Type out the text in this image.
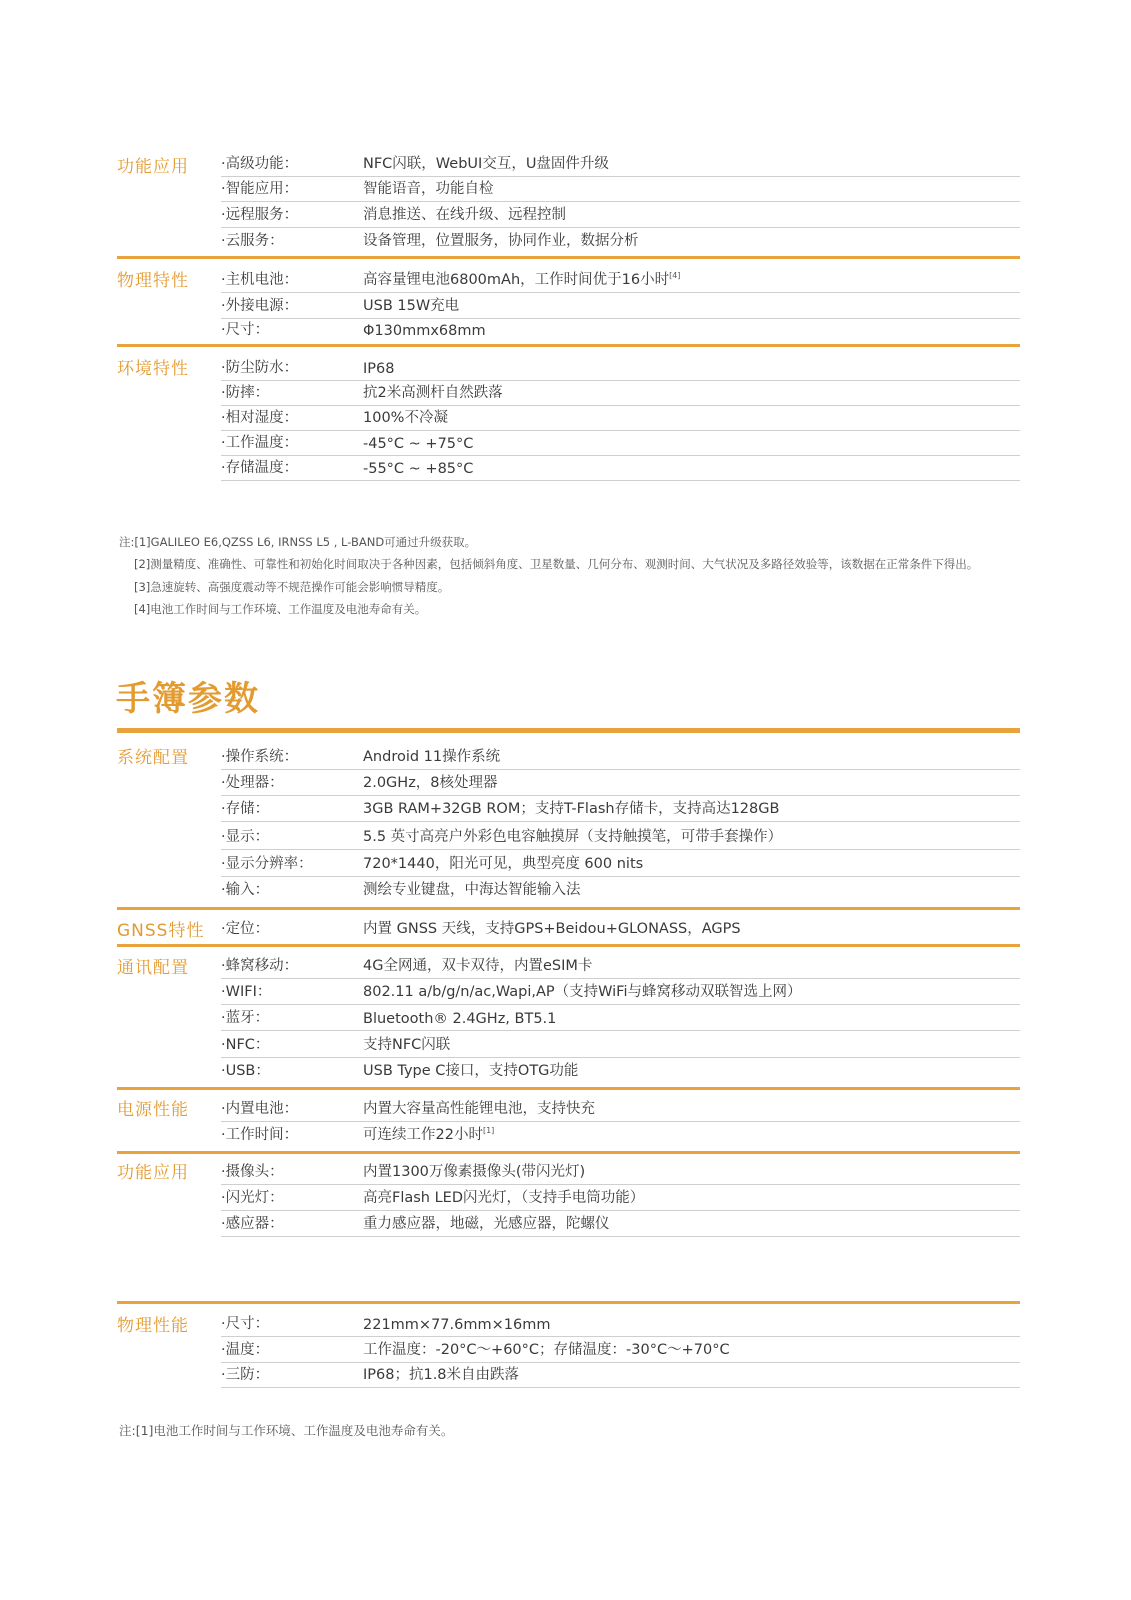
功能应用 ·高级功能：	NFC闪联，WebUI交互，U盘固件升级
·智能应用：	智能语音，功能自检
·远程服务：	消息推送、在线升级、远程控制
·云服务：	设备管理，位置服务，协同作业，数据分析
物理特性 ·主机电池：	高容量锂电池6800mAh，工作时间优于16小时[4]
·外接电源：	USB 15W充电
·尺寸：	Φ130mmx68mm
环境特性 ·防尘防水：	IP68
·防摔：	抗2米高测杆自然跌落
·相对湿度：	100%不冷凝
·工作温度：	-45°C ~ +75°C
·存储温度：	-55°C ~ +85°C
注:[1]GALILEO E6,QZSS L6, IRNSS L5 , L-BAND可通过升级获取。
[2]测量精度、准确性、可靠性和初始化时间取决于各种因素，包括倾斜角度、卫星数量、几何分布、观测时间、大气状况及多路径效验等，该数据在正常条件下得出。
[3]急速旋转、高强度震动等不规范操作可能会影响惯导精度。
[4]电池工作时间与工作环境、工作温度及电池寿命有关。
手簿参数
系统配置 ·操作系统：	Android 11操作系统
·处理器：	2.0GHz，8核处理器
·存储：	3GB RAM+32GB ROM；支持T-Flash存储卡，支持高达128GB
·显示：	5.5 英寸高亮户外彩色电容触摸屏（支持触摸笔，可带手套操作）
·显示分辨率：	720*1440，阳光可见，典型亮度 600 nits
·输入：	测绘专业键盘，中海达智能输入法
GNSS特性 ·定位：	内置 GNSS 天线，支持GPS+Beidou+GLONASS，AGPS
通讯配置 ·蜂窝移动：	4G全网通，双卡双待，内置eSIM卡
·WIFI：	802.11 a/b/g/n/ac,Wapi,AP（支持WiFi与蜂窝移动双联智选上网）
·蓝牙：	Bluetooth® 2.4GHz, BT5.1
·NFC：	支持NFC闪联
·USB：	USB Type C接口，支持OTG功能
电源性能 ·内置电池：	内置大容量高性能锂电池，支持快充
·工作时间：	可连续工作22小时[1]
功能应用 ·摄像头：	内置1300万像素摄像头(带闪光灯)
·闪光灯：	高亮Flash LED闪光灯，（支持手电筒功能）
·感应器：	重力感应器，地磁，光感应器，陀螺仪
物理性能 ·尺寸：	221mm×77.6mm×16mm
·温度：	工作温度：-20°C～+60°C；存储温度：-30°C～+70°C
·三防：	IP68；抗1.8米自由跌落
注:[1]电池工作时间与工作环境、工作温度及电池寿命有关。
